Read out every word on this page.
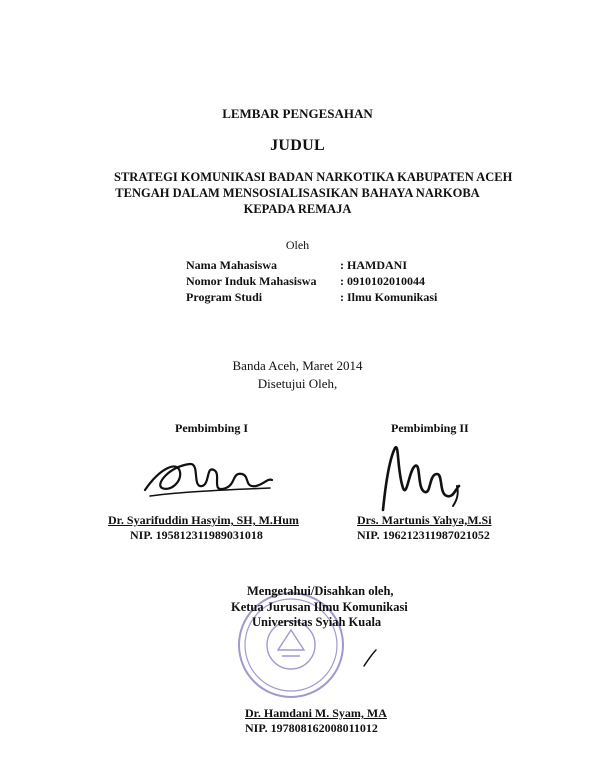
LEMBAR PENGESAHAN
JUDUL
STRATEGI KOMUNIKASI BADAN NARKOTIKA KABUPATEN ACEH
TENGAH DALAM MENSOSIALISASIKAN BAHAYA NARKOBA
KEPADA REMAJA
Oleh
Nama Mahasiswa	: HAMDANI
Nomor Induk Mahasiswa : 0910102010044
Program Studi	: Ilmu Komunikasi
Banda Aceh, Maret 2014
Disetujui Oleh,
Pembimbing I
Dr. Syarifuddin Hasyim, SH, M.Hum
NIP. 195812311989031018
Pembimbing II
Drs. Martunis Yahya,M.Si
NIP. 196212311987021052
Mengetahui/Disahkan oleh,
Ketua Jurusan Ilmu Komunikasi
Universitas Syiah Kuala
Dr. Hamdani M. Syam, MA
NIP. 197808162008011012
